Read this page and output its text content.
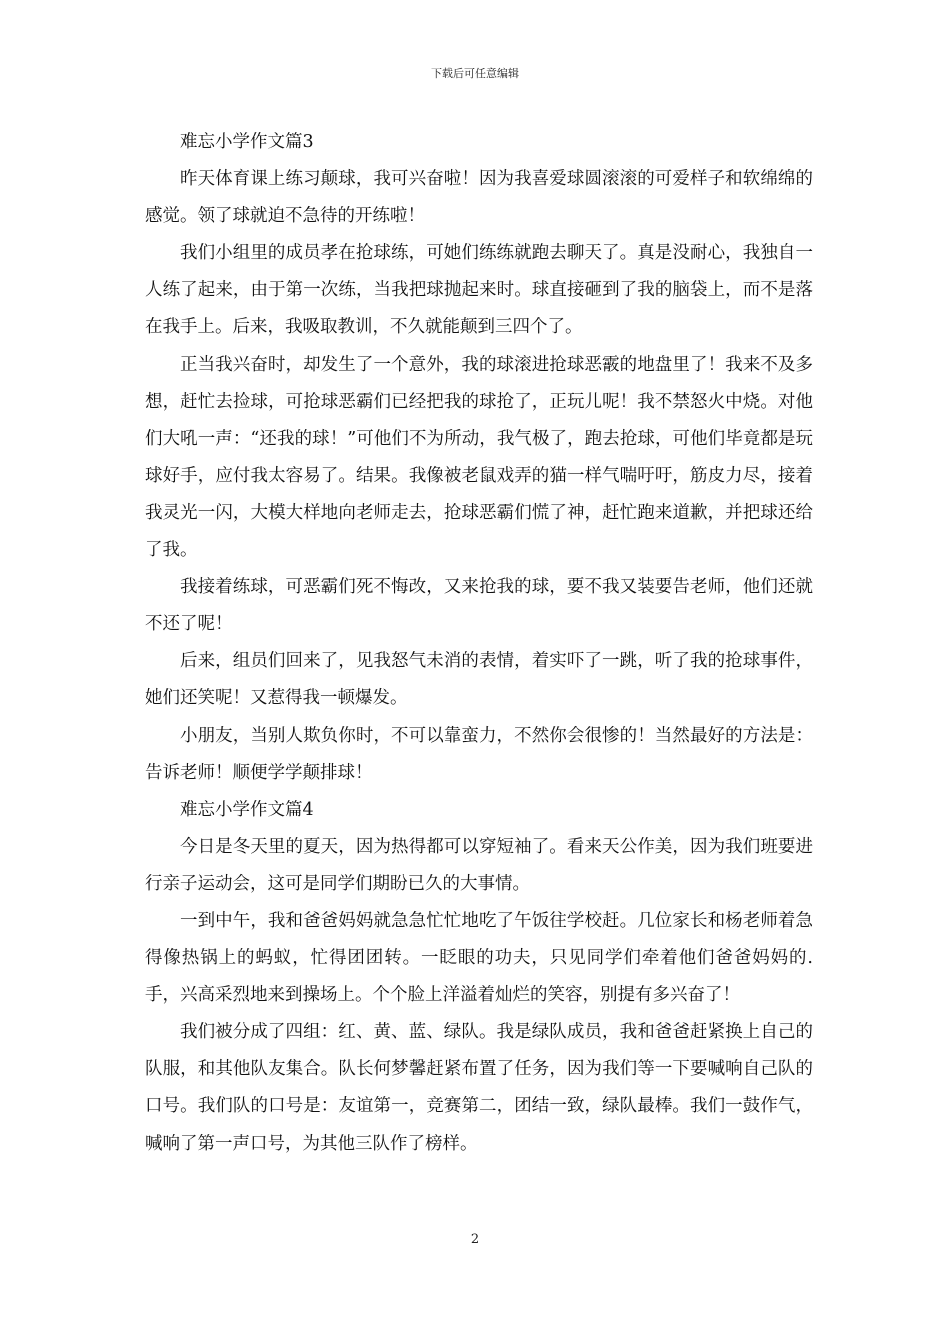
下载后可任意编辑

难忘小学作文篇3

昨天体育课上练习颠球，我可兴奋啦！因为我喜爱球圆滚滚的可爱样子和软绵绵的感觉。领了球就迫不急待的开练啦！

我们小组里的成员孝在抢球练，可她们练练就跑去聊天了。真是没耐心，我独自一人练了起来，由于第一次练，当我把球抛起来时。球直接砸到了我的脑袋上，而不是落在我手上。后来，我吸取教训，不久就能颠到三四个了。

正当我兴奋时，却发生了一个意外，我的球滚进抢球恶霰的地盘里了！我来不及多想，赶忙去捡球，可抢球恶霸们已经把我的球抢了，正玩儿呢！我不禁怒火中烧。对他们大吼一声：“还我的球！”可他们不为所动，我气极了，跑去抢球，可他们毕竟都是玩球好手，应付我太容易了。结果。我像被老鼠戏弄的猫一样气喘吁吁，筋皮力尽，接着我灵光一闪，大模大样地向老师走去，抢球恶霸们慌了神，赶忙跑来道歉，并把球还给了我。

我接着练球，可恶霸们死不悔改，又来抢我的球，要不我又装要告老师，他们还就不还了呢！

后来，组员们回来了，见我怒气未消的表情，着实吓了一跳，听了我的抢球事件，她们还笑呢！又惹得我一顿爆发。

小朋友，当别人欺负你时，不可以靠蛮力，不然你会很惨的！当然最好的方法是：告诉老师！顺便学学颠排球！

难忘小学作文篇4

今日是冬天里的夏天，因为热得都可以穿短袖了。看来天公作美，因为我们班要进行亲子运动会，这可是同学们期盼已久的大事情。

一到中午，我和爸爸妈妈就急急忙忙地吃了午饭往学校赶。几位家长和杨老师着急得像热锅上的蚂蚁，忙得团团转。一眨眼的功夫，只见同学们牵着他们爸爸妈妈的.手，兴高采烈地来到操场上。个个脸上洋溢着灿烂的笑容，别提有多兴奋了！

我们被分成了四组：红、黄、蓝、绿队。我是绿队成员，我和爸爸赶紧换上自己的队服，和其他队友集合。队长何梦馨赶紧布置了任务，因为我们等一下要喊响自己队的口号。我们队的口号是：友谊第一，竞赛第二，团结一致，绿队最棒。我们一鼓作气，喊响了第一声口号，为其他三队作了榜样。

2
